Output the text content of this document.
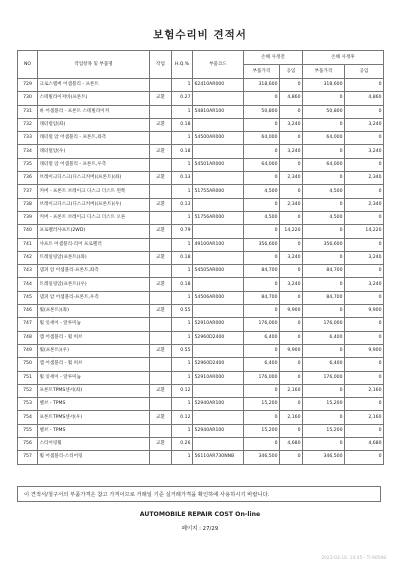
보험수리비 견적서
NO	작업항목 및 부품명	작업	H.Q.%	부품코드	손해 사정전		손해 사정후	
					부품가격	공임	부품가격	공임
729	크로스멤버 어셈블리 - 프론트		1	62410AR000	318,600	0	318,600	0
730	스테빌라이저바(프론트)	교환	0.27		0	4,860	0	4,860
731	바 어셈블리 - 프론트 스테빌라이저		1	54810AR100	50,800	0	50,800	0
732	래터럴암(좌)	교환	0.18		0	3,240	0	3,240
733	래터럴 암 어셈블리 - 프론트,좌측		1	54500AR000	64,000	0	64,000	0
734	래터럴암(우)	교환	0.18		0	3,240	0	3,240
735	래터럴 암 어셈블리 - 프론트,우측		1	54501AR000	64,000	0	64,000	0
736	브레이크디스크(디스크커버)(프론트)(좌)	교환	0.13		0	2,340	0	2,340
737	커버 - 프론트 브레이크 디스크 더스트 왼쪽		1	51755AR000	4,500	0	4,500	0
738	브레이크디스크(디스크커버)(프론트)(우)	교환	0.13		0	2,340	0	2,340
739	커버 - 프론트 브레이크 디스크 더스트 오른		1	51756AR000	4,500	0	4,500	0
740	프로펠러샤프트(2WD)	교환	0.79		0	14,220	0	14,220
741	샤프트 어셈블리-리어 프로펠러		1	49100AR100	356,600	0	356,600	0
742	트레일링암(프론트)(좌)	교환	0.18		0	3,240	0	3,240
743	댐퍼 암 어셈블리-프론트,좌측		1	54505AR000	84,700	0	84,700	0
744	트레일링암(프론트)(우)	교환	0.18		0	3,240	0	3,240
745	댐퍼 암 어셈블리-프론트,우측		1	54506AR000	84,700	0	84,700	0
746	휠(프론트)(좌)	교환	0.55		0	9,900	0	9,900
747	휠 잇세이 - 알루미늄		1	52910AR000	176,000	0	176,000	0
748	캡 어셈블리 - 휠 허브		1	52960D2400	6,400	0	6,400	0
749	휠(프론트)(우)	교환	0.55		0	9,900	0	9,900
750	캡 어셈블리 - 휠 허브		1	52960D2400	6,400	0	6,400	0
751	휠 잇세이 - 알루미늄		1	52910AR000	176,000	0	176,000	0
752	프론트TPMS센서(좌)	교환	0.12		0	2,160	0	2,160
753	밸브 - TPMS		1	52940AR100	15,200	0	15,200	0
754	프론트TPMS센서(우)	교환	0.12		0	2,160	0	2,160
755	밸브 - TPMS		1	52940AR100	15,200	0	15,200	0
756	스티어링휠	교환	0.26		0	4,680	0	4,680
757	휠 어셈블리-스티어링		1	56110AR730NNB	346,500	0	346,500	0
이 견적서/청구서의 부품가격은 참고 가격이므로 거래일 기준 실거래가격을 확인하에 사용하시기 바랍니다.
AUTOMOBILE REPAIR COST On-line
페이지 : 27/29
2023-03-10. 14:35 - TI 90598
